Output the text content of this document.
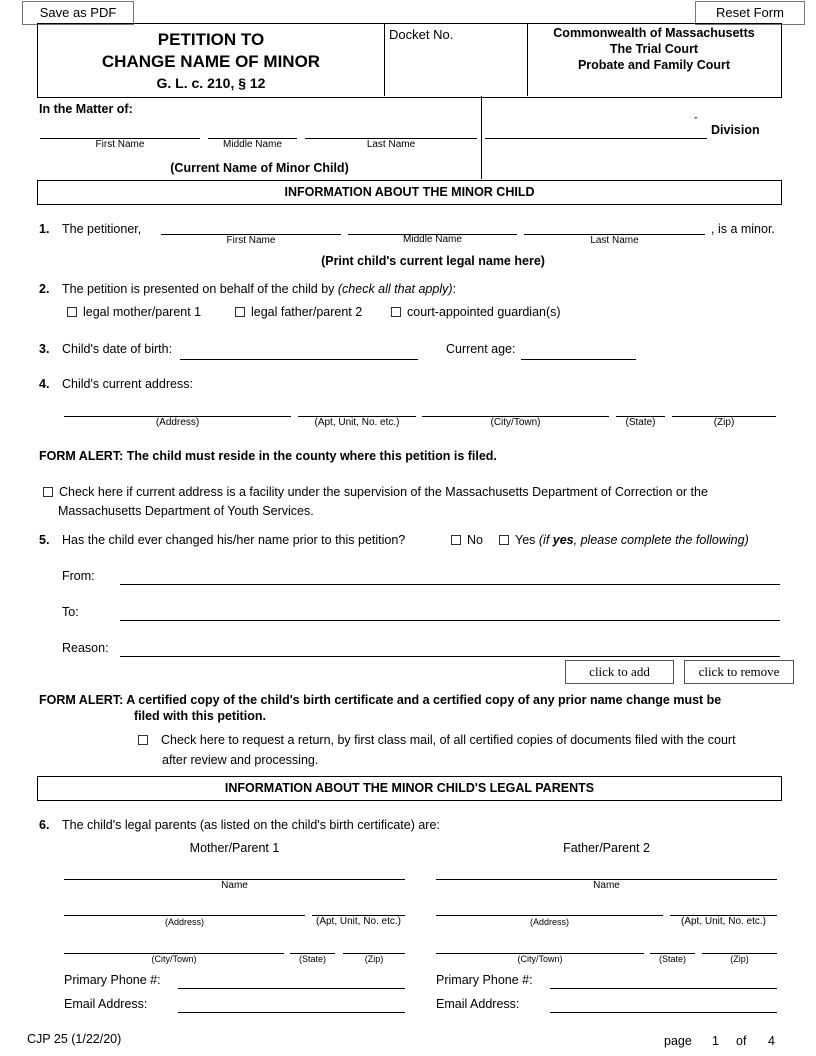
Save as PDF	Reset Form
PETITION TO
CHANGE NAME OF MINOR
G. L. c. 210, § 12
Docket No.	Commonwealth of Massachusetts
The Trial Court
Probate and Family Court
In the Matter of:
First Name	Middle Name	Last Name
(Current Name of Minor Child)
ˇ
Division
INFORMATION ABOUT THE MINOR CHILD
1. The petitioner,	, is a minor.
First Name	Middle Name	Last Name
(Print child's current legal name here)
2. The petition is presented on behalf of the child by (check all that apply):
legal mother/parent 1	legal father/parent 2	court-appointed guardian(s)
3. Child's date of birth:	Current age:
4. Child's current address:
(Address)	(Apt, Unit, No. etc.)	(City/Town)	(State)	(Zip)
FORM ALERT: The child must reside in the county where this petition is filed.
Check here if current address is a facility under the supervision of the Massachusetts Department of Correction or the
Massachusetts Department of Youth Services.
5. Has the child ever changed his/her name prior to this petition?	No	Yes (if yes, please complete the following)
From:
To:
Reason:
click to add	click to remove
FORM ALERT: A certified copy of the child's birth certificate and a certified copy of any prior name change must be
filed with this petition.
Check here to request a return, by first class mail, of all certified copies of documents filed with the court
after review and processing.
INFORMATION ABOUT THE MINOR CHILD'S LEGAL PARENTS
6. The child's legal parents (as listed on the child's birth certificate) are:
Mother/Parent 1	Father/Parent 2
Name
(Address)	(Apt, Unit, No. etc.)
(City/Town)	(State)	(Zip)
Primary Phone #:
Email Address:
Name
(Address)	(Apt, Unit, No. etc.)
(City/Town)	(State)	(Zip)
Primary Phone #:
Email Address:
CJP 25 (1/22/20)	page 1 of 4
